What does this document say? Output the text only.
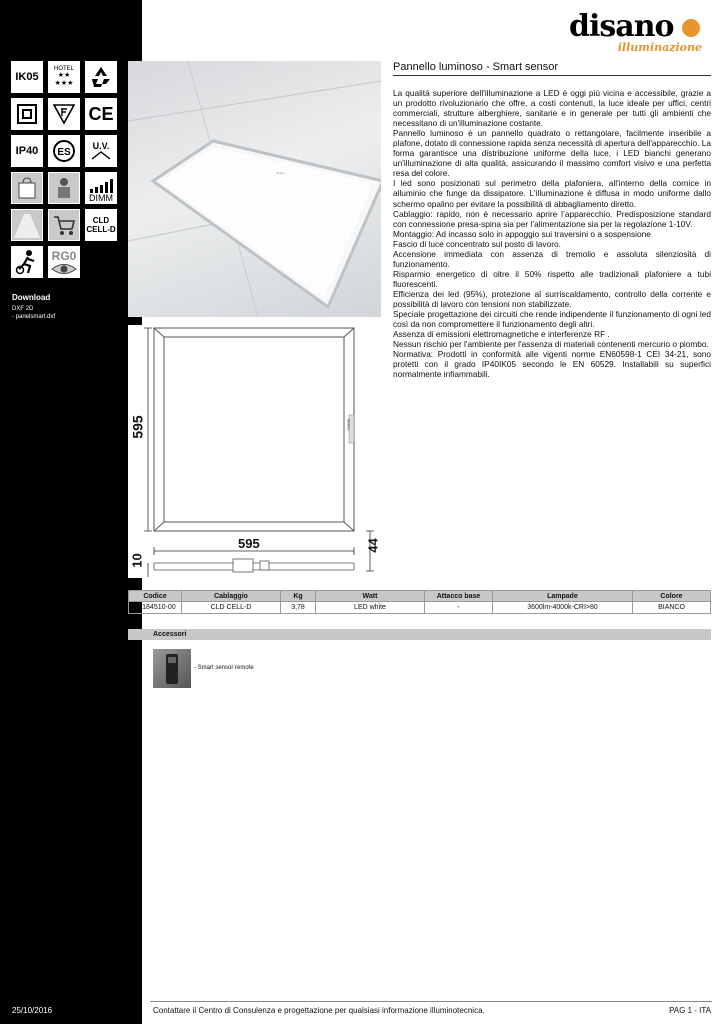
IK05
HOTEL
★★ ★★★
CE
IP40 ES
U.V.
DIMM
CLD CELL-D
RG0
Download
DXF 2D
- panelsmart.dxf
25/10/2016
disano
illuminazione
disano
595
595	44
10
disano
Pannello luminoso - Smart sensor

La qualità superiore dell'illuminazione a LED è oggi più vicina e accessibile, grazie a un prodotto rivoluzionario che offre, a costi contenuti, la luce ideale per uffici, centri commerciali, strutture alberghiere, sanitarie e in generale per tutti gli ambienti che necessitano di un'illuminazione costante.

Pannello luminoso è un pannello quadrato o rettangolare, facilmente inseribile a plafone, dotato di connessione rapida senza necessità di apertura dell'apparecchio. La forma garantisce una distribuzione uniforme della luce, i LED bianchi generano un'illuminazione di alta qualità, assicurando il massimo comfort visivo e una perfetta resa del colore.

I led sono posizionati sul perimetro della plafoniera, all'interno della cornice in alluminio che funge da dissipatore. L'illuminazione è diffusa in modo uniforme dallo schermo opalino per evitare la possibilità di abbagliamento diretto.

Cablaggio: rapido, non è necessario aprire l’apparecchio. Predisposizione standard con connessione presa-spina sia per l’alimentazione sia per la regolazione 1-10V.

Montaggio: Ad incasso solo in appoggio sui traversini o a sospensione

Fascio di luce concentrato sul posto di lavoro.

Accensione immediata con assenza di tremolio e assoluta silenziosità di funzionamento.

Risparmio energetico di oltre il 50% rispetto alle tradizionali plafoniere a tubi fluorescenti.

Efficienza dei led (95%), protezione al surriscaldamento, controllo della corrente e possibilità di lavoro con tensioni non stabilizzate.

Speciale progettazione dei circuiti che rende indipendente il funzionamento di ogni led così da non compromettere il funzionamento degli altri.

Assenza di emissioni elettromagnetiche e interferenze RF .

Nessun rischio per l'ambiente per l'assenza di materiali contenenti mercurio o piombo.

Normativa: Prodotti in conformità alle vigenti norme EN60598-1 CEI 34-21, sono protetti con il grado IP40IK05 secondo le EN 60529. Installabili su superfici normalmente infiammabili.

Codice	Cablaggio	Kg	Watt	Attacco base	Lampade	Colore
22184510-00	CLD CELL-D	3,78	LED white	-	3600lm-4000k-CRI>80	BIANCO
Accessori
- Smart sensor remote
Contattare il Centro di Consulenza e progettazione per qualsiasi informazione illuminotecnica.	PAG 1 - ITA
